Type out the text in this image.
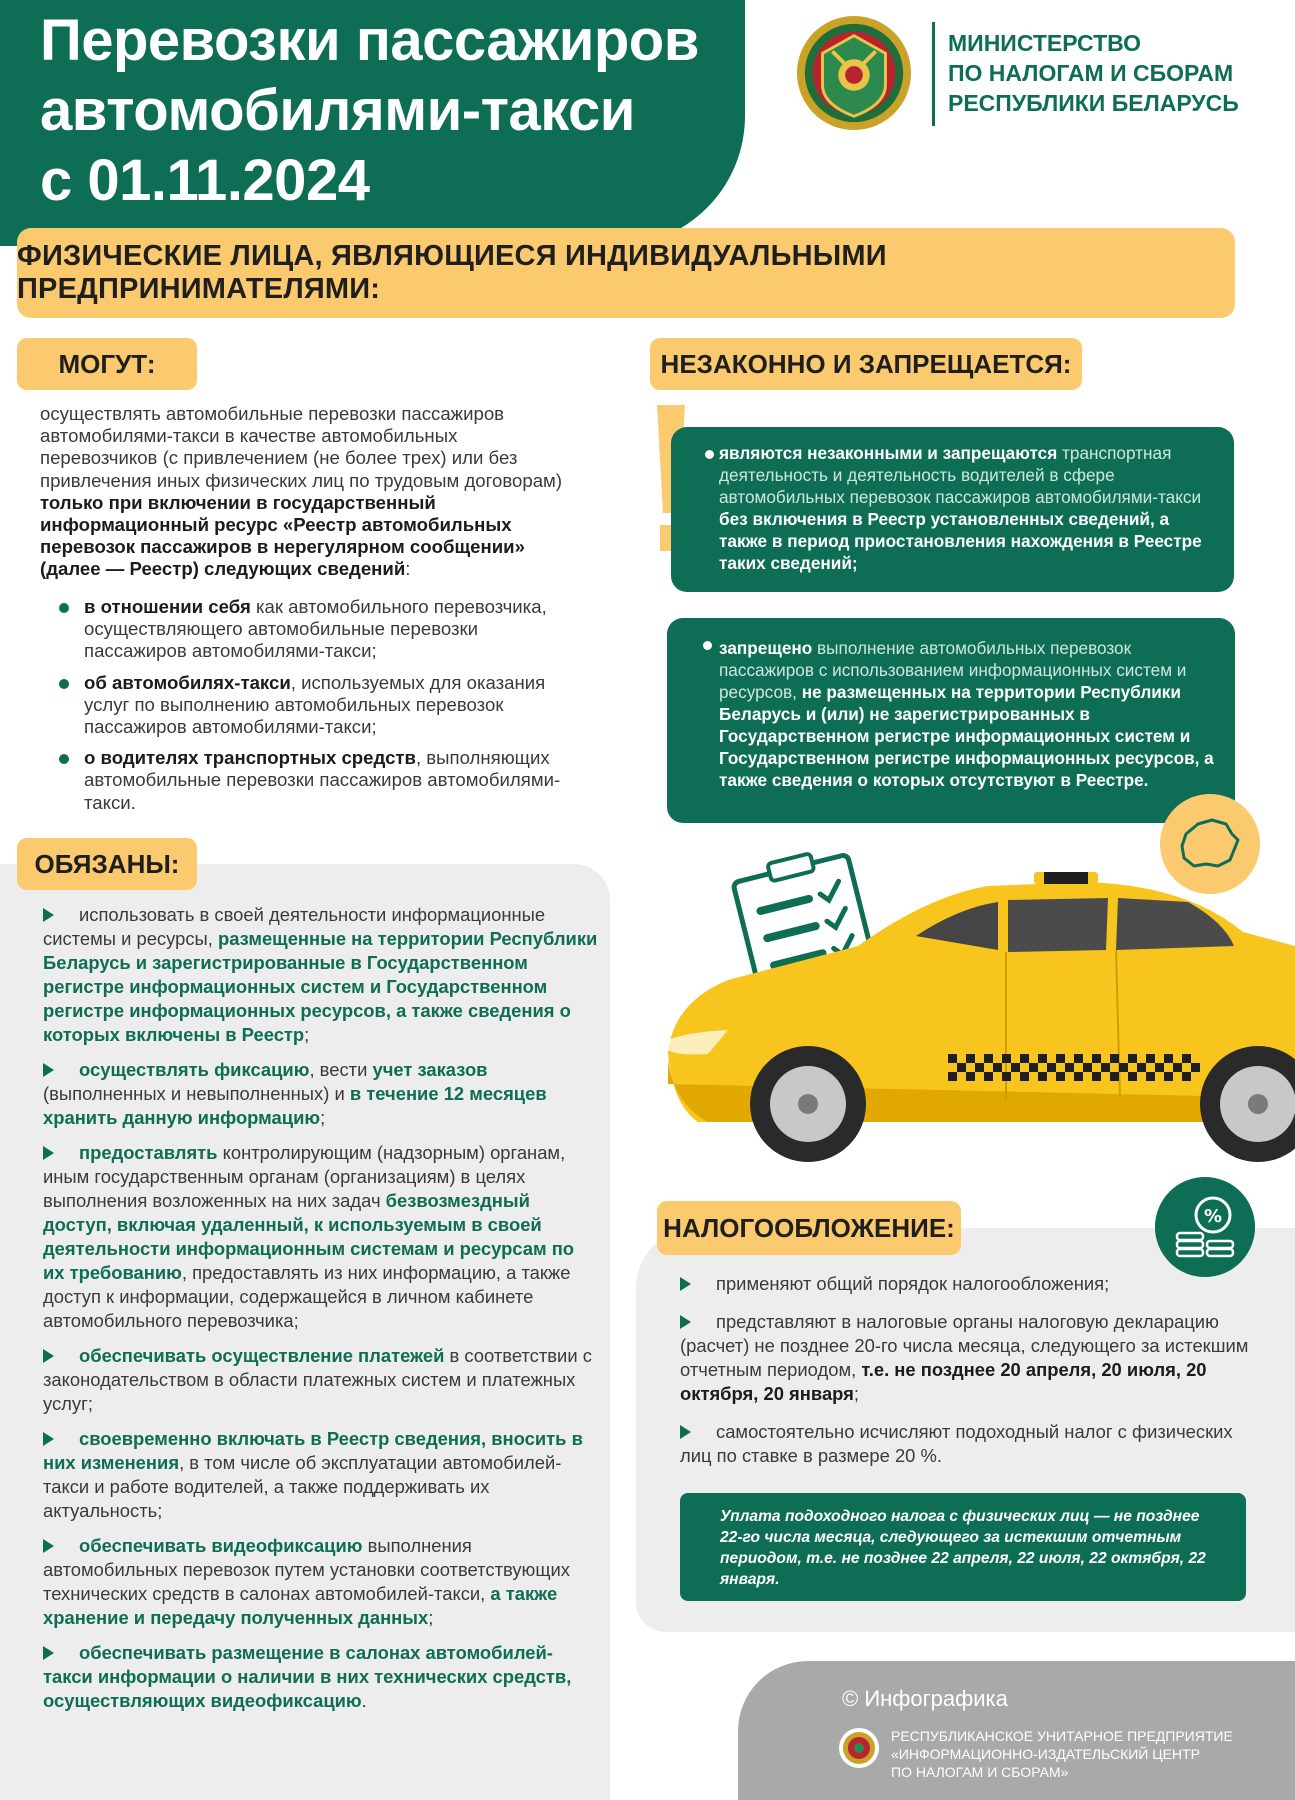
Перевозки пассажиров
автомобилями-такси
с 01.11.2024
МИНИСТЕРСТВО
ПО НАЛОГАМ И СБОРАМ
РЕСПУБЛИКИ БЕЛАРУСЬ
ФИЗИЧЕСКИЕ ЛИЦА, ЯВЛЯЮЩИЕСЯ ИНДИВИДУАЛЬНЫМИ ПРЕДПРИНИМАТЕЛЯМИ:
МОГУТ:

осуществлять автомобильные перевозки пассажиров автомобилями-такси в качестве автомобильных перевозчиков (с привлечением (не более трех) или без привлечения иных физических лиц по трудовым договорам) только при включении в государственный информационный ресурс «Реестр автомобильных перевозок пассажиров в нерегулярном сообщении» (далее — Реестр) следующих сведений:

в отношении себя как автомобильного перевозчика, осуществляющего автомобильные перевозки пассажиров автомобилями-такси;
об автомобилях-такси, используемых для оказания услуг по выполнению автомобильных перевозок пассажиров автомобилями-такси;
о водителях транспортных средств, выполняющих автомобильные перевозки пассажиров автомобилями-такси.
НЕЗАКОННО И ЗАПРЕЩАЕТСЯ:
являются незаконными и запрещаются транспортная деятельность и деятельность водителей в сфере автомобильных перевозок пассажиров автомобилями-такси без включения в Реестр установленных сведений, а также в период приостановления нахождения в Реестре таких сведений;
запрещено выполнение автомобильных перевозок пассажиров с использованием информационных систем и ресурсов, не размещенных на территории Республики Беларусь и (или) не зарегистрированных в Государственном регистре информационных систем и Государственном регистре информационных ресурсов, а также сведения о которых отсутствуют в Реестре.
ОБЯЗАНЫ:
использовать в своей деятельности информационные системы и ресурсы, размещенные на территории Республики Беларусь и зарегистрированные в Государственном регистре информационных систем и Государственном регистре информационных ресурсов, а также сведения о которых включены в Реестр;
осуществлять фиксацию, вести учет заказов (выполненных и невыполненных) и в течение 12 месяцев хранить данную информацию;
предоставлять контролирующим (надзорным) органам, иным государственным органам (организациям) в целях выполнения возложенных на них задач безвозмездный доступ, включая удаленный, к используемым в своей деятельности информационным системам и ресурсам по их требованию, предоставлять из них информацию, а также доступ к информации, содержащейся в личном кабинете автомобильного перевозчика;
обеспечивать осуществление платежей в соответствии с законодательством в области платежных систем и платежных услуг;
своевременно включать в Реестр сведения, вносить в них изменения, в том числе об эксплуатации автомобилей-такси и работе водителей, а также поддерживать их актуальность;
обеспечивать видеофиксацию выполнения автомобильных перевозок путем установки соответствующих технических средств в салонах автомобилей-такси, а также хранение и передачу полученных данных;
обеспечивать размещение в салонах автомобилей-такси информации о наличии в них технических средств, осуществляющих видеофиксацию.
%
НАЛОГООБЛОЖЕНИЕ:
применяют общий порядок налогообложения;
представляют в налоговые органы налоговую декларацию (расчет) не позднее 20-го числа месяца, следующего за истекшим отчетным периодом, т.е. не позднее 20 апреля, 20 июля, 20 октября, 20 января;
самостоятельно исчисляют подоходный налог с физических лиц по ставке в размере 20 %.
Уплата подоходного налога с физических лиц — не позднее 22-го числа месяца, следующего за истекшим отчетным периодом, т.е. не позднее 22 апреля, 22 июля, 22 октября, 22 января.
© Инфографика
РЕСПУБЛИКАНСКОЕ УНИТАРНОЕ ПРЕДПРИЯТИЕ
«ИНФОРМАЦИОННО-ИЗДАТЕЛЬСКИЙ ЦЕНТР
ПО НАЛОГАМ И СБОРАМ»
